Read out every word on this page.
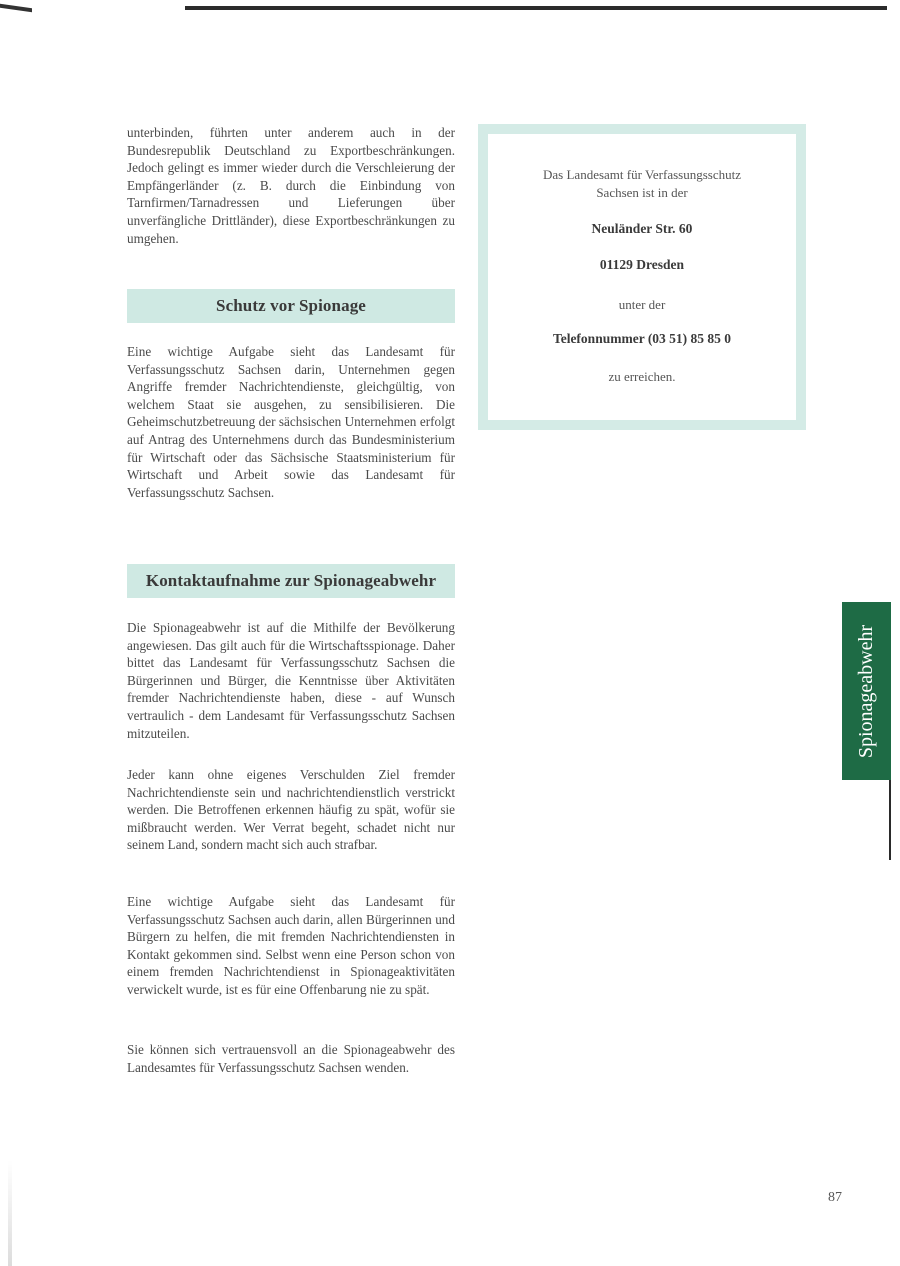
unterbinden, führten unter anderem auch in der Bundesrepublik Deutschland zu Exportbeschränkungen. Jedoch gelingt es immer wieder durch die Verschleierung der Empfängerländer (z. B. durch die Einbindung von Tarnfirmen/Tarnadressen und Lieferungen über unverfängliche Drittländer), diese Exportbeschränkungen zu umgehen.

Schutz vor Spionage

Eine wichtige Aufgabe sieht das Landesamt für Verfassungsschutz Sachsen darin, Unternehmen gegen Angriffe fremder Nachrichtendienste, gleichgültig, von welchem Staat sie ausgehen, zu sensibilisieren. Die Geheimschutzbetreuung der sächsischen Unternehmen erfolgt auf Antrag des Unternehmens durch das Bundesministerium für Wirtschaft oder das Sächsische Staatsministerium für Wirtschaft und Arbeit sowie das Landesamt für Verfassungsschutz Sachsen.

Kontaktaufnahme zur Spionageabwehr

Die Spionageabwehr ist auf die Mithilfe der Bevölkerung angewiesen. Das gilt auch für die Wirtschaftsspionage. Daher bittet das Landesamt für Verfassungsschutz Sachsen die Bürgerinnen und Bürger, die Kenntnisse über Aktivitäten fremder Nachrichtendienste haben, diese - auf Wunsch vertraulich - dem Landesamt für Verfassungsschutz Sachsen mitzuteilen.

Jeder kann ohne eigenes Verschulden Ziel fremder Nachrichtendienste sein und nachrichtendienstlich verstrickt werden. Die Betroffenen erkennen häufig zu spät, wofür sie mißbraucht werden. Wer Verrat begeht, schadet nicht nur seinem Land, sondern macht sich auch strafbar.

Eine wichtige Aufgabe sieht das Landesamt für Verfassungsschutz Sachsen auch darin, allen Bürgerinnen und Bürgern zu helfen, die mit fremden Nachrichtendiensten in Kontakt gekommen sind. Selbst wenn eine Person schon von einem fremden Nachrichtendienst in Spionageaktivitäten verwickelt wurde, ist es für eine Offenbarung nie zu spät.

Sie können sich vertrauensvoll an die Spionageabwehr des Landesamtes für Verfassungsschutz Sachsen wenden.

Das Landesamt für Verfassungsschutz
Sachsen ist in der
Neuländer Str. 60
01129 Dresden
unter der
Telefonnummer (03 51) 85 85 0
zu erreichen.
Spionageabwehr
87
